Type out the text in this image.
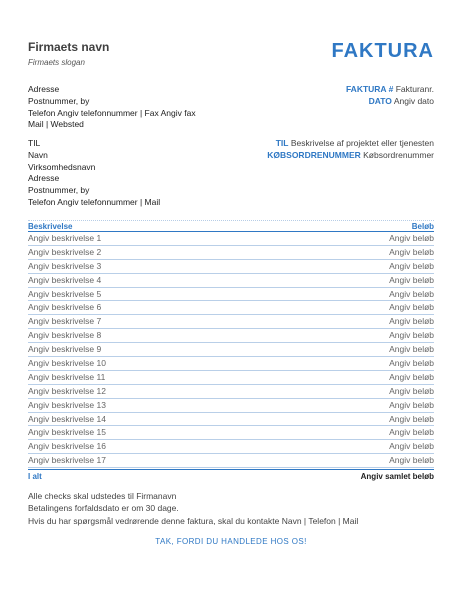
Firmaets navn
Firmaets slogan
FAKTURA
Adresse
Postnummer, by
Telefon Angiv telefonnummer | Fax Angiv fax
Mail | Websted
FAKTURA # Fakturanr.
DATO Angiv dato
TIL
Navn
Virksomhedsnavn
Adresse
Postnummer, by
Telefon Angiv telefonnummer | Mail
TIL Beskrivelse af projektet eller tjenesten
KØBSORDRENUMMER Købsordrenummer
Beskrivelse	Beløb
Angiv beskrivelse 1	Angiv beløb
Angiv beskrivelse 2	Angiv beløb
Angiv beskrivelse 3	Angiv beløb
Angiv beskrivelse 4	Angiv beløb
Angiv beskrivelse 5	Angiv beløb
Angiv beskrivelse 6	Angiv beløb
Angiv beskrivelse 7	Angiv beløb
Angiv beskrivelse 8	Angiv beløb
Angiv beskrivelse 9	Angiv beløb
Angiv beskrivelse 10	Angiv beløb
Angiv beskrivelse 11	Angiv beløb
Angiv beskrivelse 12	Angiv beløb
Angiv beskrivelse 13	Angiv beløb
Angiv beskrivelse 14	Angiv beløb
Angiv beskrivelse 15	Angiv beløb
Angiv beskrivelse 16	Angiv beløb
Angiv beskrivelse 17	Angiv beløb
I alt	Angiv samlet beløb
Alle checks skal udstedes til Firmanavn
Betalingens forfaldsdato er om 30 dage.
Hvis du har spørgsmål vedrørende denne faktura, skal du kontakte Navn | Telefon | Mail
TAK, FORDI DU HANDLEDE HOS OS!
